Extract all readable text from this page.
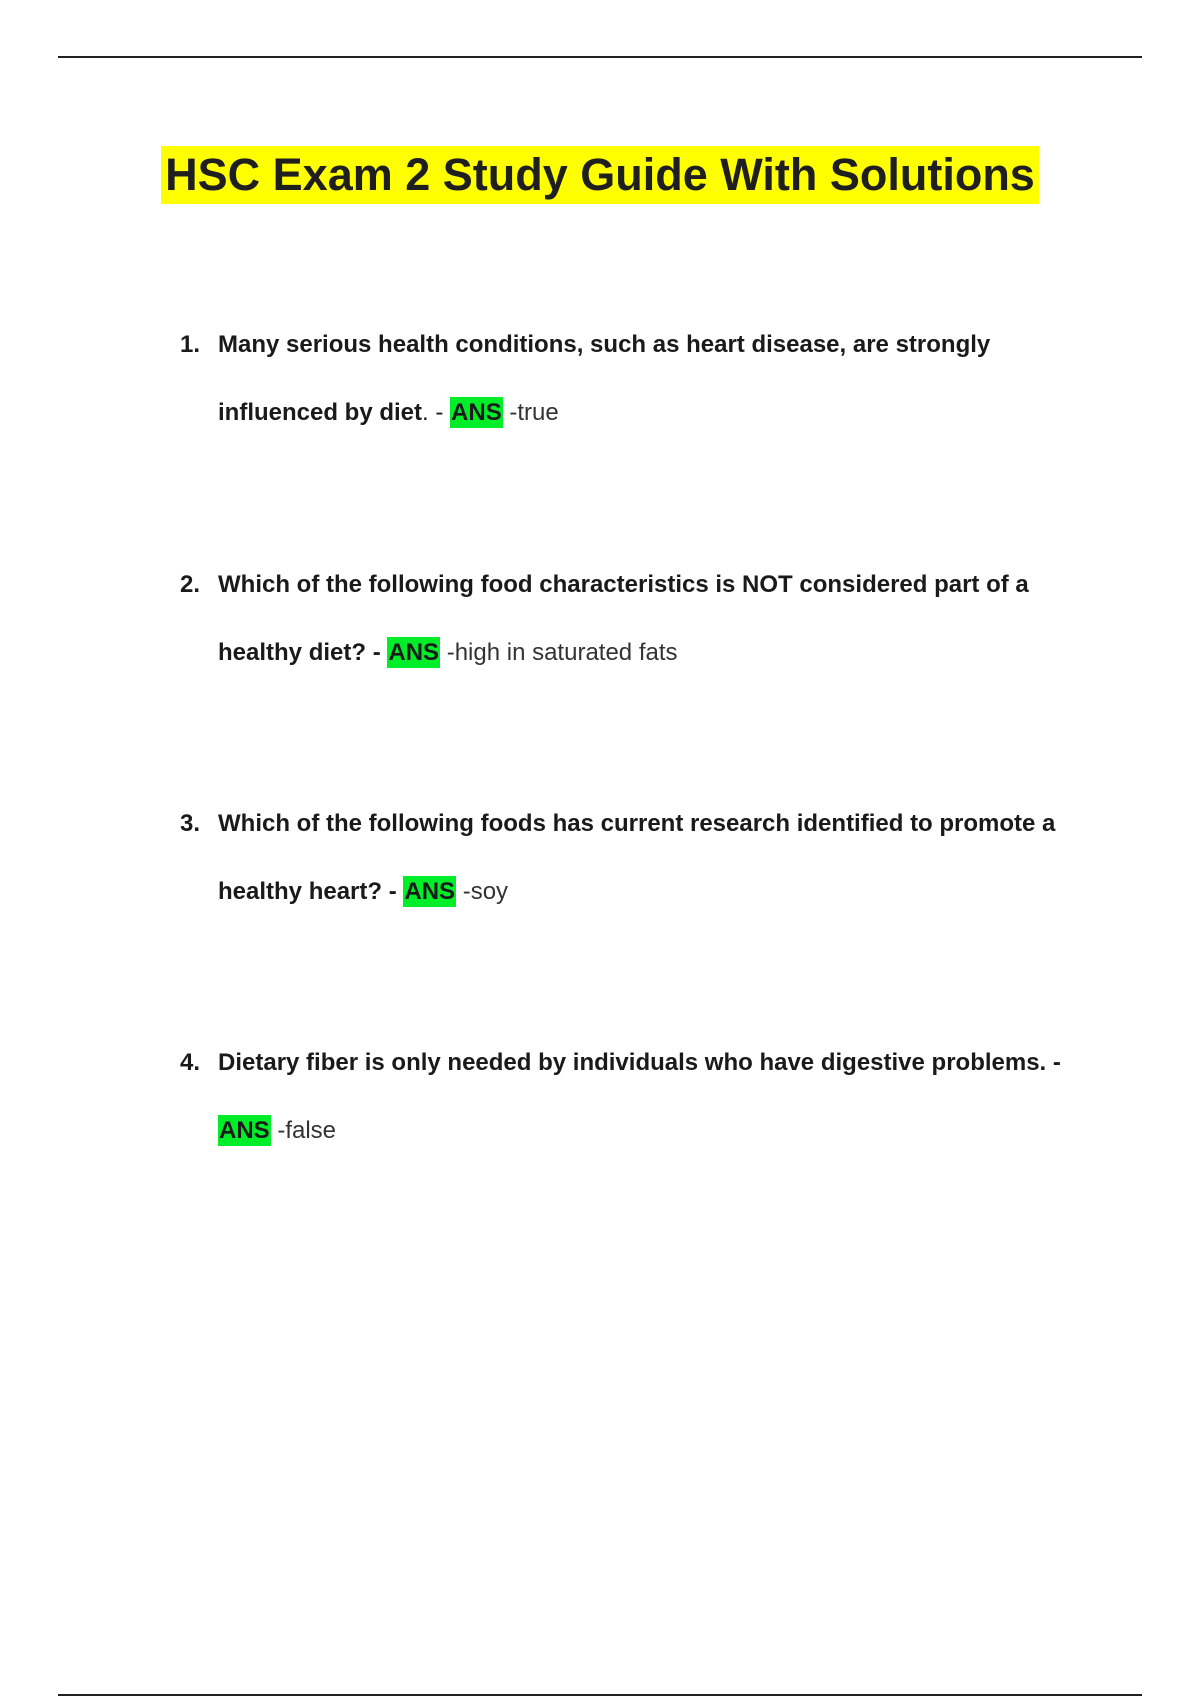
HSC Exam 2 Study Guide With Solutions
1. Many serious health conditions, such as heart disease, are strongly influenced by diet. - ANS -true
2. Which of the following food characteristics is NOT considered part of a healthy diet? - ANS -high in saturated fats
3. Which of the following foods has current research identified to promote a healthy heart? - ANS -soy
4. Dietary fiber is only needed by individuals who have digestive problems. - ANS -false
